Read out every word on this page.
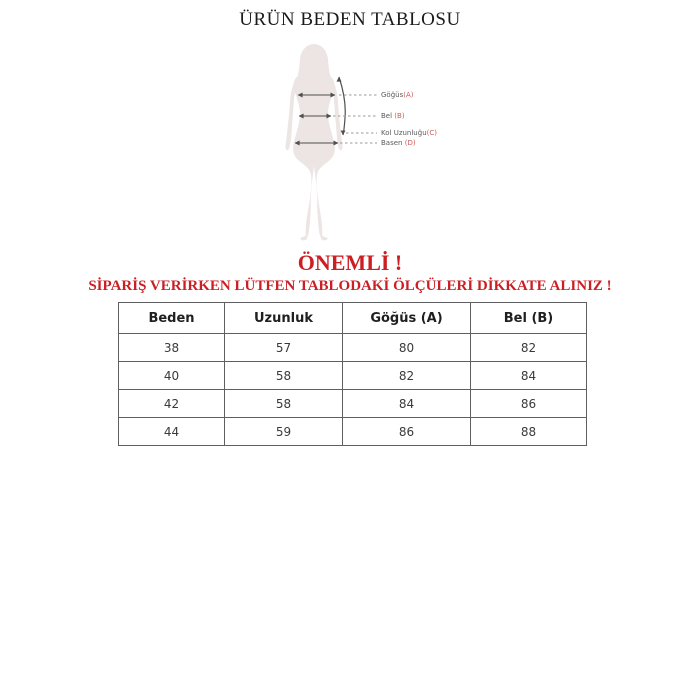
ÜRÜN BEDEN TABLOSU
Göğüs(A)
Bel (B)
Kol Uzunluğu(C)
Basen (D)
ÖNEMLİ !
SİPARİŞ VERİRKEN LÜTFEN TABLODAKİ ÖLÇÜLERİ DİKKATE ALINIZ !
Beden	Uzunluk	Göğüs (A)	Bel (B)
38	57	80	82
40	58	82	84
42	58	84	86
44	59	86	88
